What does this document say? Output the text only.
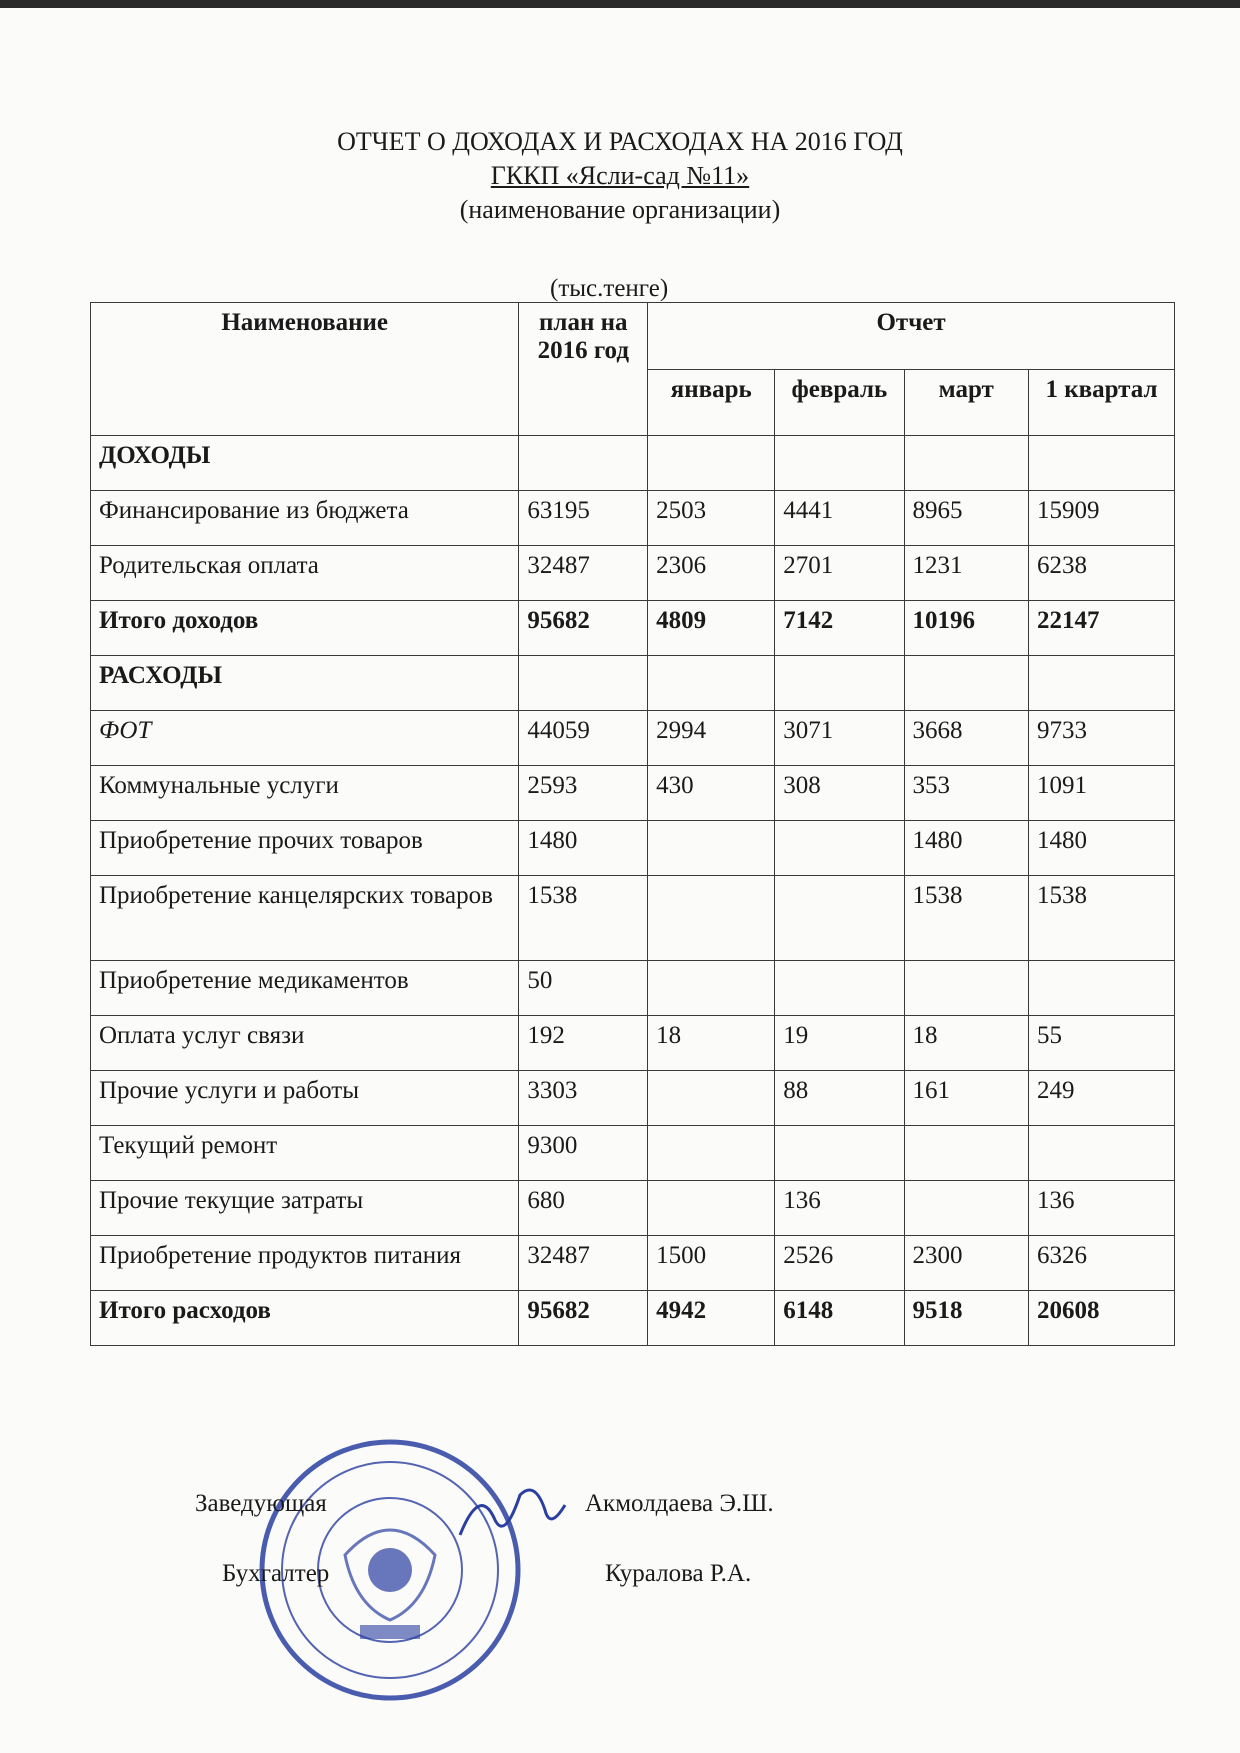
ОТЧЕТ О ДОХОДАХ И РАСХОДАХ НА 2016 ГОД
ГККП «Ясли-сад №11»
(наименование организации)
(тыс.тенге)
Наименование	план на 2016 год	Отчет			
		январь	февраль	март	1 квартал
ДОХОДЫ					
Финансирование из бюджета	63195	2503	4441	8965	15909
Родительская оплата	32487	2306	2701	1231	6238
Итого доходов	95682	4809	7142	10196	22147
РАСХОДЫ					
ФОТ	44059	2994	3071	3668	9733
Коммунальные услуги	2593	430	308	353	1091
Приобретение прочих товаров	1480			1480	1480
Приобретение канцелярских товаров	1538			1538	1538
Приобретение медикаментов	50				
Оплата услуг связи	192	18	19	18	55
Прочие услуги и работы	3303		88	161	249
Текущий ремонт	9300				
Прочие текущие затраты	680		136		136
Приобретение продуктов питания	32487	1500	2526	2300	6326
Итого расходов	95682	4942	6148	9518	20608
Заведующая	Акмолдаева Э.Ш.
Бухгалтер	Куралова Р.А.
